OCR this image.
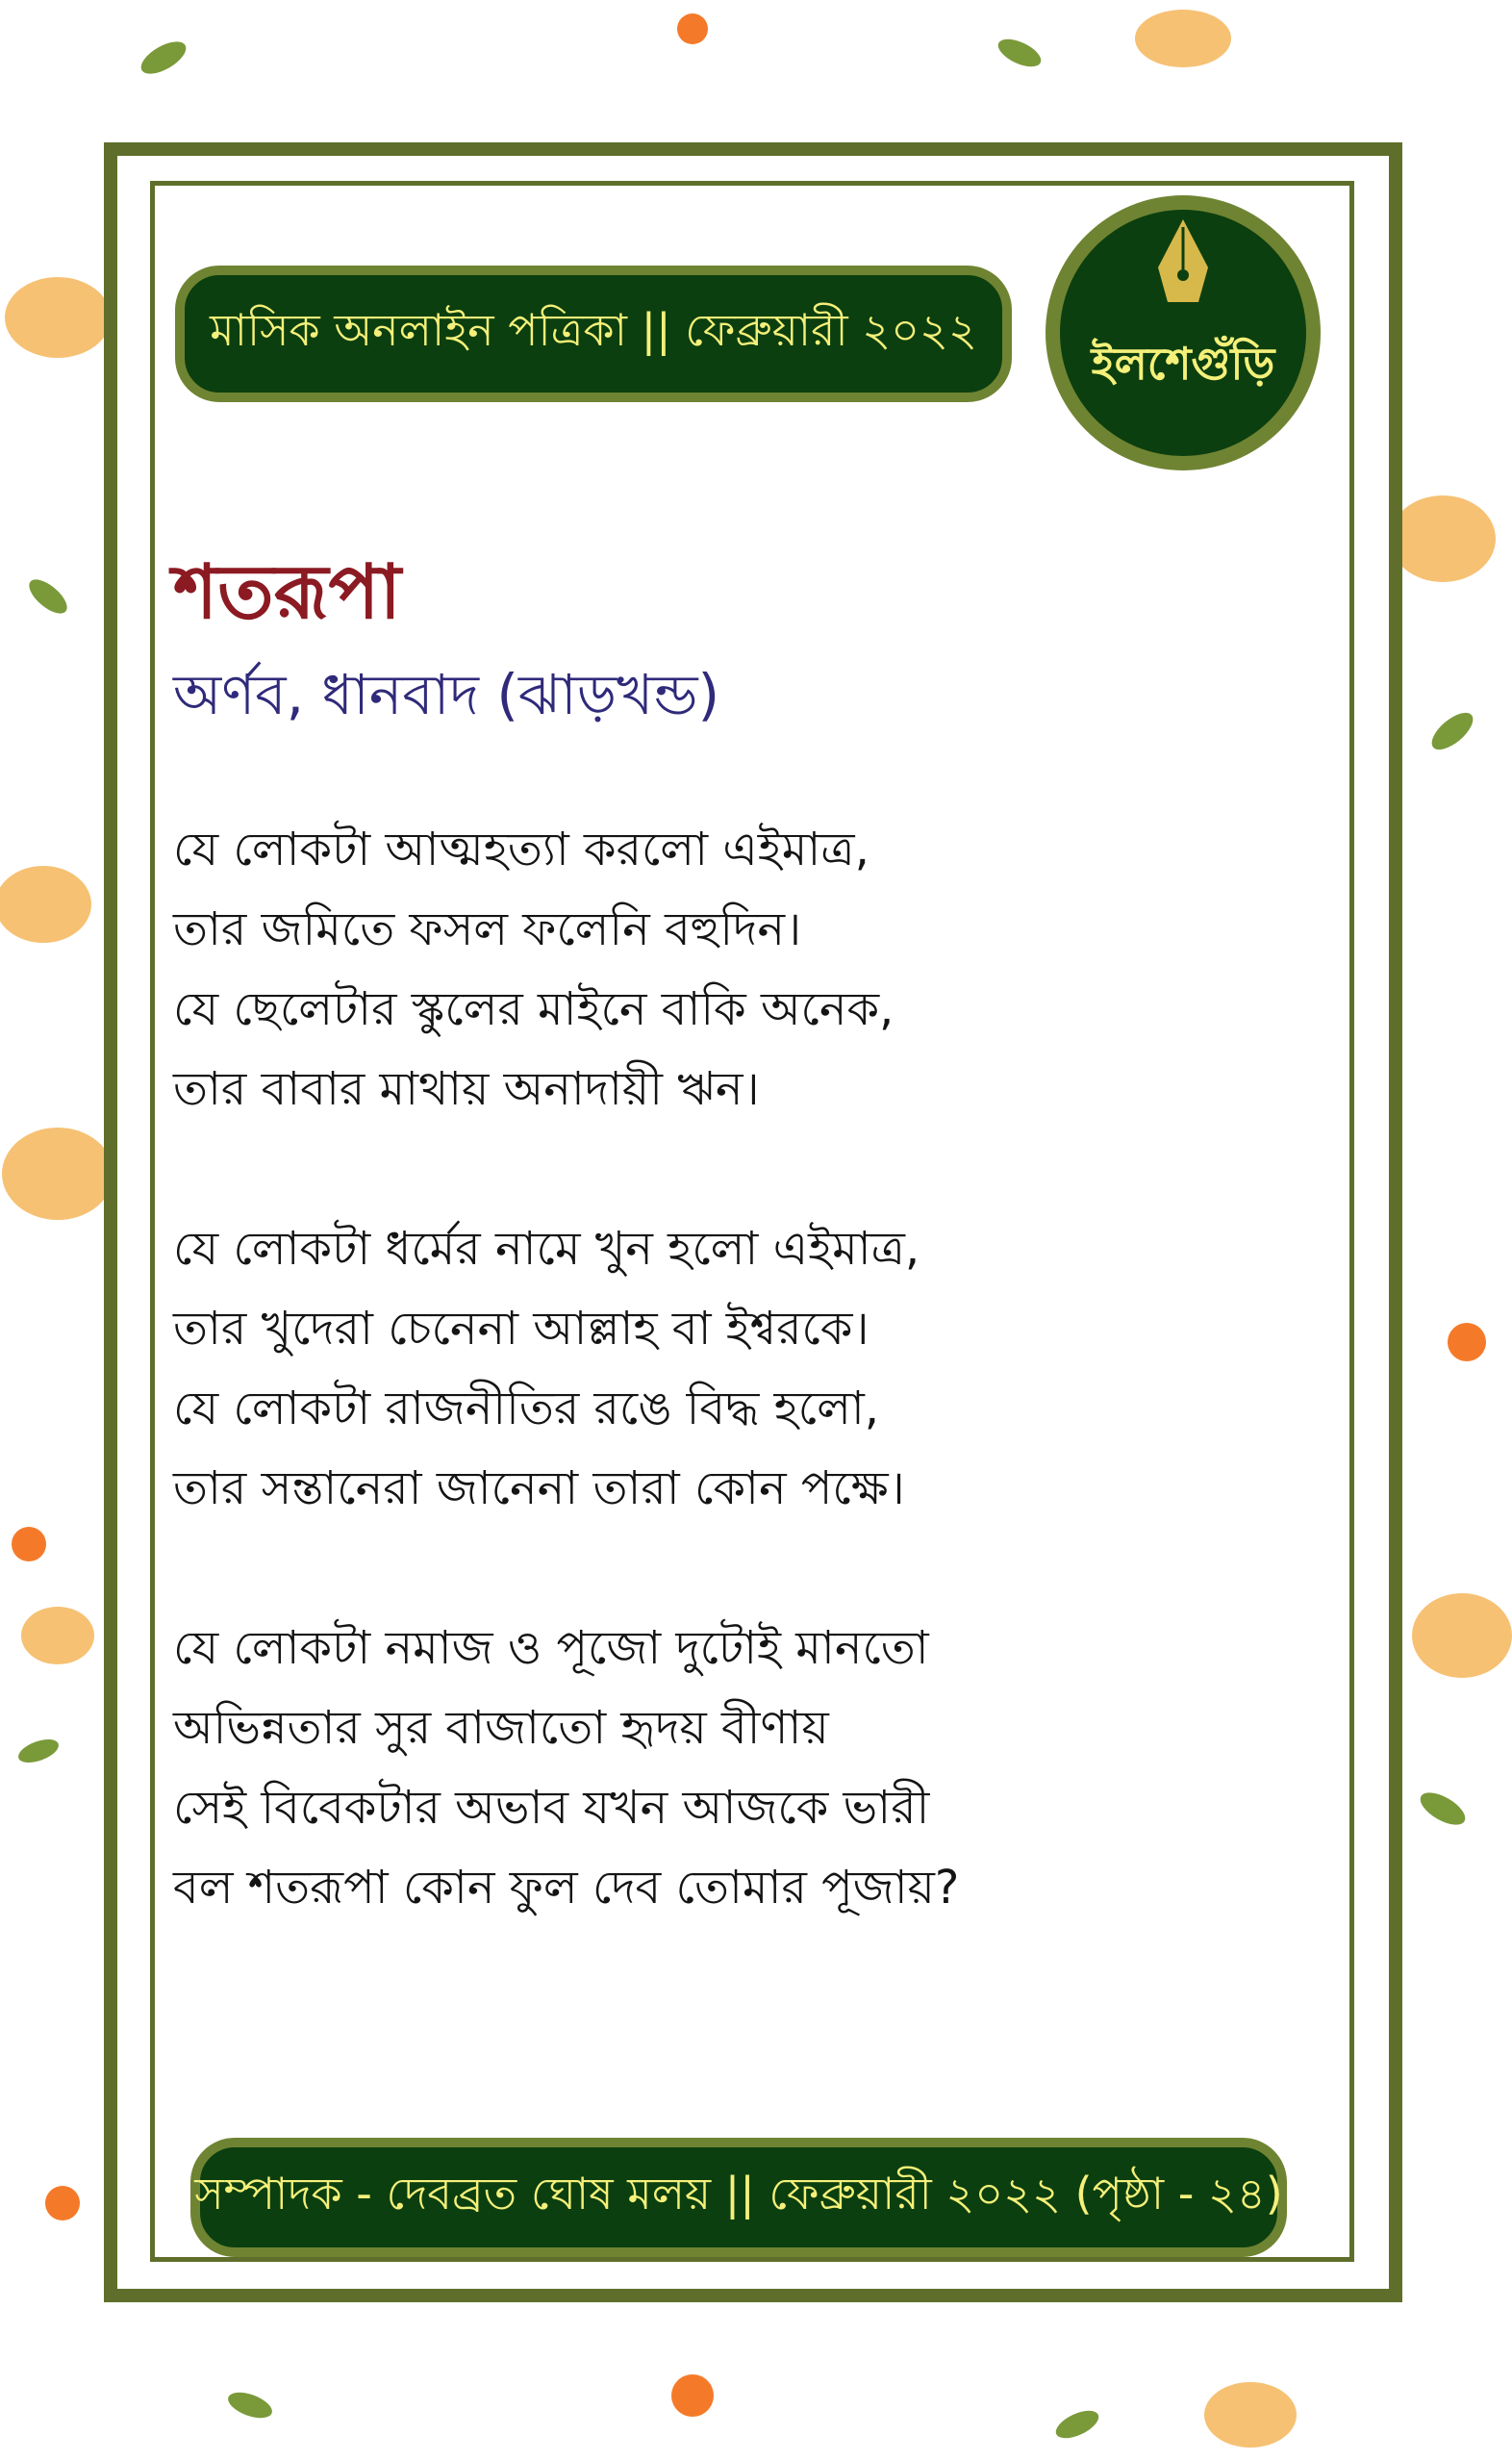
মাসিক অনলাইন পত্রিকা || ফেব্রুয়ারী ২০২২
ইলশেগুঁড়ি
শতরূপা
অর্ণব, ধানবাদ (ঝাড়খন্ড)
যে লোকটা আত্মহত্যা করলো এইমাত্র,
তার জমিতে ফসল ফলেনি বহুদিন।
যে ছেলেটার স্কুলের মাইনে বাকি অনেক,
তার বাবার মাথায় অনাদায়ী ঋন।
যে লোকটা ধর্মের নামে খুন হলো এইমাত্র,
তার খুদেরা চেনেনা আল্লাহ বা ইশ্বরকে।
যে লোকটা রাজনীতির রঙে বিদ্ধ হলো,
তার সন্তানেরা জানেনা তারা কোন পক্ষে।
যে লোকটা নমাজ ও পূজো দুটোই মানতো
অভিন্নতার সুর বাজাতো হৃদয় বীণায়
সেই বিবেকটার অভাব যখন আজকে ভারী
বল শতরূপা কোন ফুল দেব তোমার পূজায়?
সম্পাদক - দেবব্রত ঘোষ মলয় || ফেব্রুয়ারী ২০২২ (পৃষ্ঠা - ২৪)
